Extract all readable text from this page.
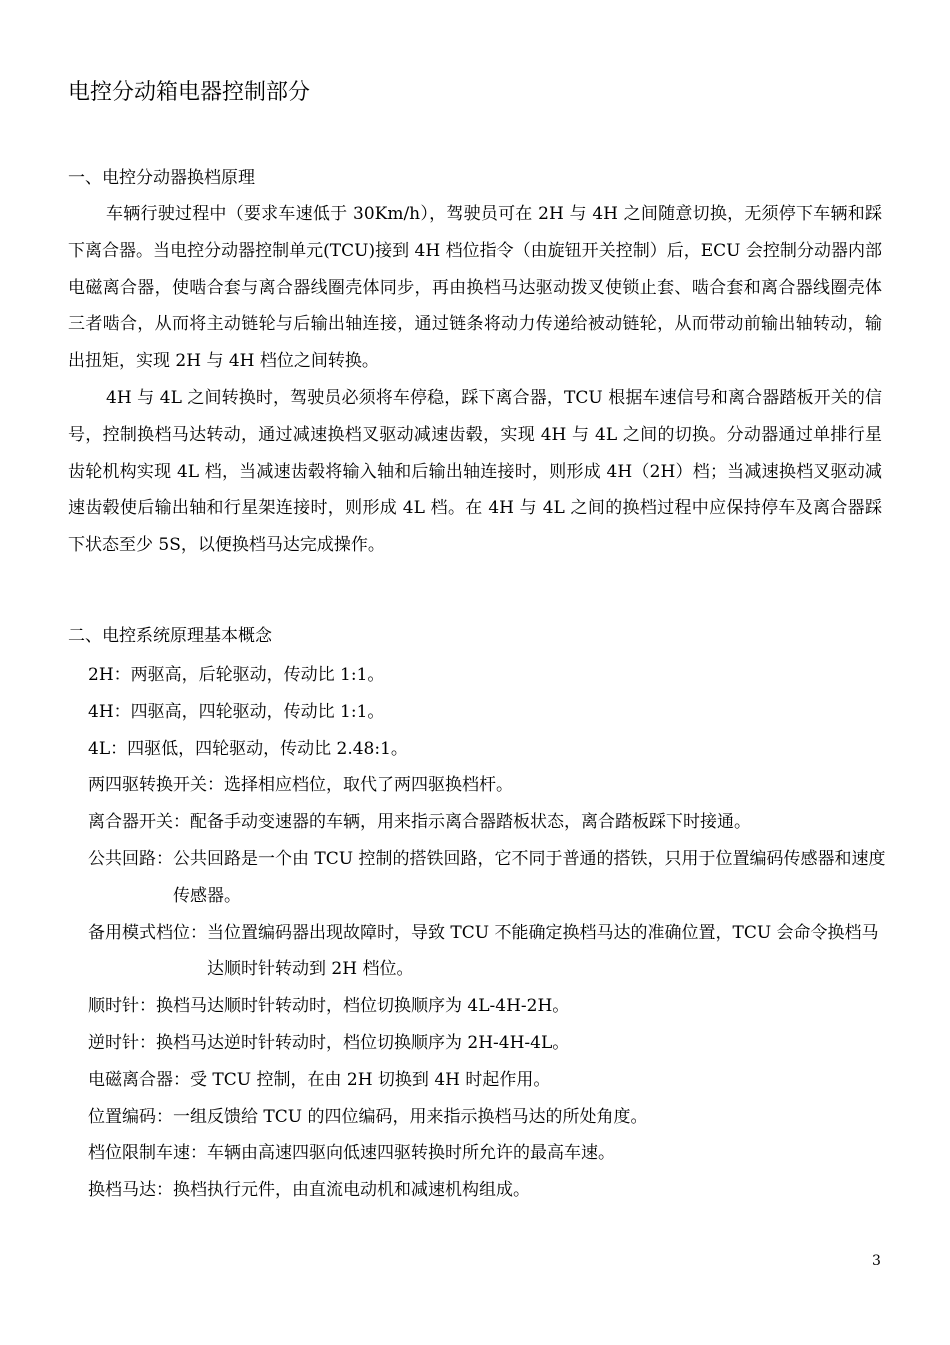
电控分动箱电器控制部分
一、电控分动器换档原理

车辆行驶过程中（要求车速低于 30Km/h），驾驶员可在 2H 与 4H 之间随意切换，无须停下车辆和踩下离合器。当电控分动器控制单元(TCU)接到 4H 档位指令（由旋钮开关控制）后，ECU 会控制分动器内部电磁离合器，使啮合套与离合器线圈壳体同步，再由换档马达驱动拨叉使锁止套、啮合套和离合器线圈壳体三者啮合，从而将主动链轮与后输出轴连接，通过链条将动力传递给被动链轮，从而带动前输出轴转动，输出扭矩，实现 2H 与 4H 档位之间转换。

4H 与 4L 之间转换时，驾驶员必须将车停稳，踩下离合器，TCU 根据车速信号和离合器踏板开关的信号，控制换档马达转动，通过减速换档叉驱动减速齿毂，实现 4H 与 4L 之间的切换。分动器通过单排行星齿轮机构实现 4L 档，当减速齿毂将输入轴和后输出轴连接时，则形成 4H（2H）档；当减速换档叉驱动减速齿毂使后输出轴和行星架连接时，则形成 4L 档。在 4H 与 4L 之间的换档过程中应保持停车及离合器踩下状态至少 5S，以便换档马达完成操作。

二、电控系统原理基本概念
2H：两驱高，后轮驱动，传动比 1:1。
4H：四驱高，四轮驱动，传动比 1:1。
4L：四驱低，四轮驱动，传动比 2.48:1。
两四驱转换开关：选择相应档位，取代了两四驱换档杆。
离合器开关：配备手动变速器的车辆，用来指示离合器踏板状态，离合踏板踩下时接通。
公共回路： 公共回路是一个由 TCU 控制的搭铁回路，它不同于普通的搭铁，只用于位置编码传感器和速度传感器。
备用模式档位： 当位置编码器出现故障时，导致 TCU 不能确定换档马达的准确位置，TCU 会命令换档马达顺时针转动到 2H 档位。
顺时针：换档马达顺时针转动时，档位切换顺序为 4L-4H-2H。
逆时针：换档马达逆时针转动时，档位切换顺序为 2H-4H-4L。
电磁离合器：受 TCU 控制，在由 2H 切换到 4H 时起作用。
位置编码：一组反馈给 TCU 的四位编码，用来指示换档马达的所处角度。
档位限制车速：车辆由高速四驱向低速四驱转换时所允许的最高车速。
换档马达：换档执行元件，由直流电动机和减速机构组成。
3
